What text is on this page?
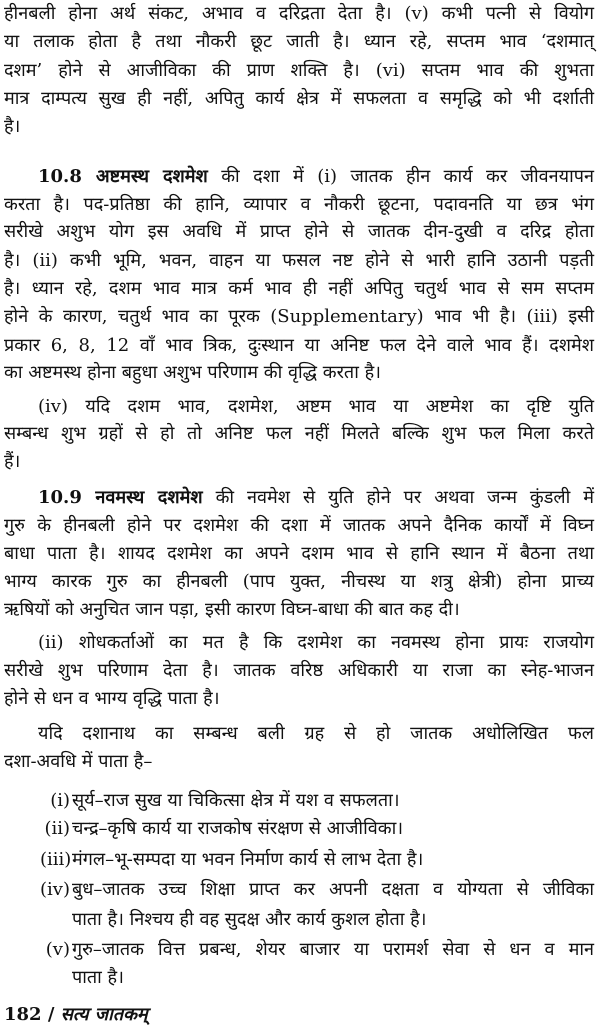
हीनबली होना अर्थ संकट, अभाव व दरिद्रता देता है। (v) कभी पत्नी से वियोग
या तलाक होता है तथा नौकरी छूट जाती है। ध्यान रहे, सप्तम भाव ‘दशमात्
दशम’ होने से आजीविका की प्राण शक्ति है। (vi) सप्तम भाव की शुभता
मात्र दाम्पत्य सुख ही नहीं, अपितु कार्य क्षेत्र में सफलता व समृद्धि को भी दर्शाती
है।
10.8 अष्टमस्थ दशमेश की दशा में (i) जातक हीन कार्य कर जीवनयापन
करता है। पद-प्रतिष्ठा की हानि, व्यापार व नौकरी छूटना, पदावनति या छत्र भंग
सरीखे अशुभ योग इस अवधि में प्राप्त होने से जातक दीन-दुखी व दरिद्र होता
है। (ii) कभी भूमि, भवन, वाहन या फसल नष्ट होने से भारी हानि उठानी पड़ती
है। ध्यान रहे, दशम भाव मात्र कर्म भाव ही नहीं अपितु चतुर्थ भाव से सम सप्तम
होने के कारण, चतुर्थ भाव का पूरक (Supplementary) भाव भी है। (iii) इसी
प्रकार 6, 8, 12 वाँ भाव त्रिक, दुःस्थान या अनिष्ट फल देने वाले भाव हैं। दशमेश
का अष्टमस्थ होना बहुधा अशुभ परिणाम की वृद्धि करता है।
(iv) यदि दशम भाव, दशमेश, अष्टम भाव या अष्टमेश का दृष्टि युति
सम्बन्ध शुभ ग्रहों से हो तो अनिष्ट फल नहीं मिलते बल्कि शुभ फल मिला करते
हैं।
10.9 नवमस्थ दशमेश की नवमेश से युति होने पर अथवा जन्म कुंडली में
गुरु के हीनबली होने पर दशमेश की दशा में जातक अपने दैनिक कार्यों में विघ्न
बाधा पाता है। शायद दशमेश का अपने दशम भाव से हानि स्थान में बैठना तथा
भाग्य कारक गुरु का हीनबली (पाप युक्त, नीचस्थ या शत्रु क्षेत्री) होना प्राच्य
ऋषियों को अनुचित जान पड़ा, इसी कारण विघ्न-बाधा की बात कह दी।
(ii) शोधकर्ताओं का मत है कि दशमेश का नवमस्थ होना प्रायः राजयोग
सरीखे शुभ परिणाम देता है। जातक वरिष्ठ अधिकारी या राजा का स्नेह-भाजन
होने से धन व भाग्य वृद्धि पाता है।
यदि दशानाथ का सम्बन्ध बली ग्रह से हो जातक अधोलिखित फल
दशा-अवधि में पाता है–
(i) सूर्य–राज सुख या चिकित्सा क्षेत्र में यश व सफलता।
(ii) चन्द्र–कृषि कार्य या राजकोष संरक्षण से आजीविका।
(iii) मंगल–भू-सम्पदा या भवन निर्माण कार्य से लाभ देता है।
(iv) बुध–जातक उच्च शिक्षा प्राप्त कर अपनी दक्षता व योग्यता से जीविका
पाता है। निश्चय ही वह सुदक्ष और कार्य कुशल होता है।
(v) गुरु–जातक वित्त प्रबन्ध, शेयर बाजार या परामर्श सेवा से धन व मान
पाता है।
182 / सत्य जातकम्
